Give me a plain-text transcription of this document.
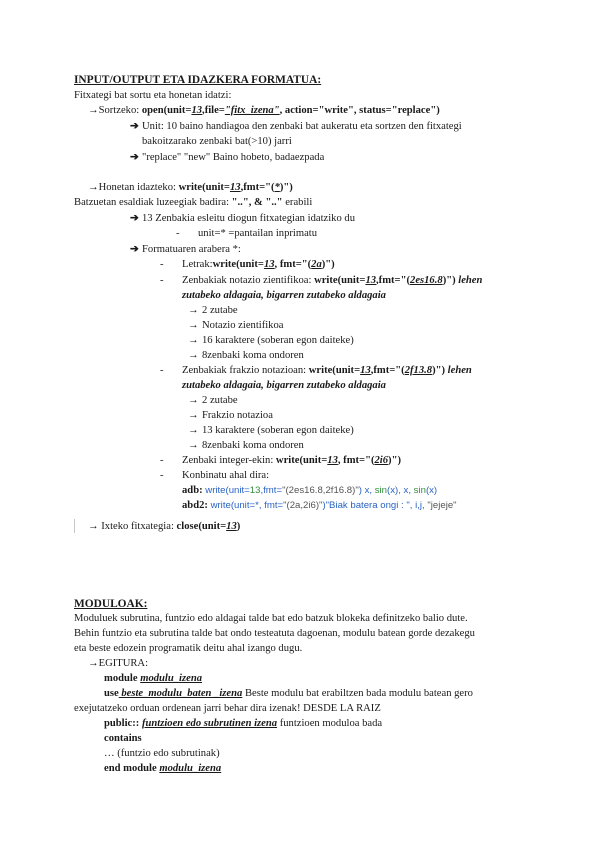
INPUT/OUTPUT ETA IDAZKERA FORMATUA:
Fitxategi bat sortu eta honetan idatzi:
→Sortzeko: open(unit=13,file="fitx_izena", action="write", status="replace")
➔ Unit: 10 baino handiagoa den zenbaki bat aukeratu eta sortzen den fitxategi
bakoitzarako zenbaki bat(>10) jarri
➔ "replace" "new" Baino hobeto, badaezpada
→Honetan idazteko: write(unit=13,fmt="(*)")
Batzuetan esaldiak luzeegiak badira: "..", & ".." erabili
➔ 13 Zenbakia esleitu diogun fitxategian idatziko du
- unit=* =pantailan inprimatu
➔ Formatuaren arabera *:
- Letrak:write(unit=13, fmt="(2a)")
- Zenbakiak notazio zientifikoa: write(unit=13,fmt="(2es16.8)") lehen
zutabeko aldagaia, bigarren zutabeko aldagaia
→ 2 zutabe
→ Notazio zientifikoa
→ 16 karaktere (soberan egon daiteke)
→ 8zenbaki koma ondoren
- Zenbakiak frakzio notazioan: write(unit=13,fmt="(2f13.8)") lehen
zutabeko aldagaia, bigarren zutabeko aldagaia
→ 2 zutabe
→ Frakzio notazioa
→ 13 karaktere (soberan egon daiteke)
→ 8zenbaki koma ondoren
- Zenbaki integer-ekin: write(unit=13, fmt="(2i6)")
- Konbinatu ahal dira:
adb: write(unit=13,fmt="(2es16.8,2f16.8)") x, sin(x), x, sin(x)
abd2: write(unit=*, fmt="(2a,2i6)")"Biak batera ongi : ", i,j, "jejeje"
→ Ixteko fitxategia: close(unit=13)
MODULOAK:
Moduluek subrutina, funtzio edo aldagai talde bat edo batzuk blokeka definitzeko balio dute.
Behin funtzio eta subrutina talde bat ondo testeatuta dagoenan, modulu batean gorde dezakegu
eta beste edozein programatik deitu ahal izango dugu.
→EGITURA:
module modulu_izena
use beste_modulu_baten _izena Beste modulu bat erabiltzen bada modulu batean gero
exejutatzeko orduan ordenean jarri behar dira izenak! DESDE LA RAIZ
public:: funtzioen edo subrutinen izena funtzioen moduloa bada
contains
… (funtzio edo subrutinak)
end module modulu_izena
